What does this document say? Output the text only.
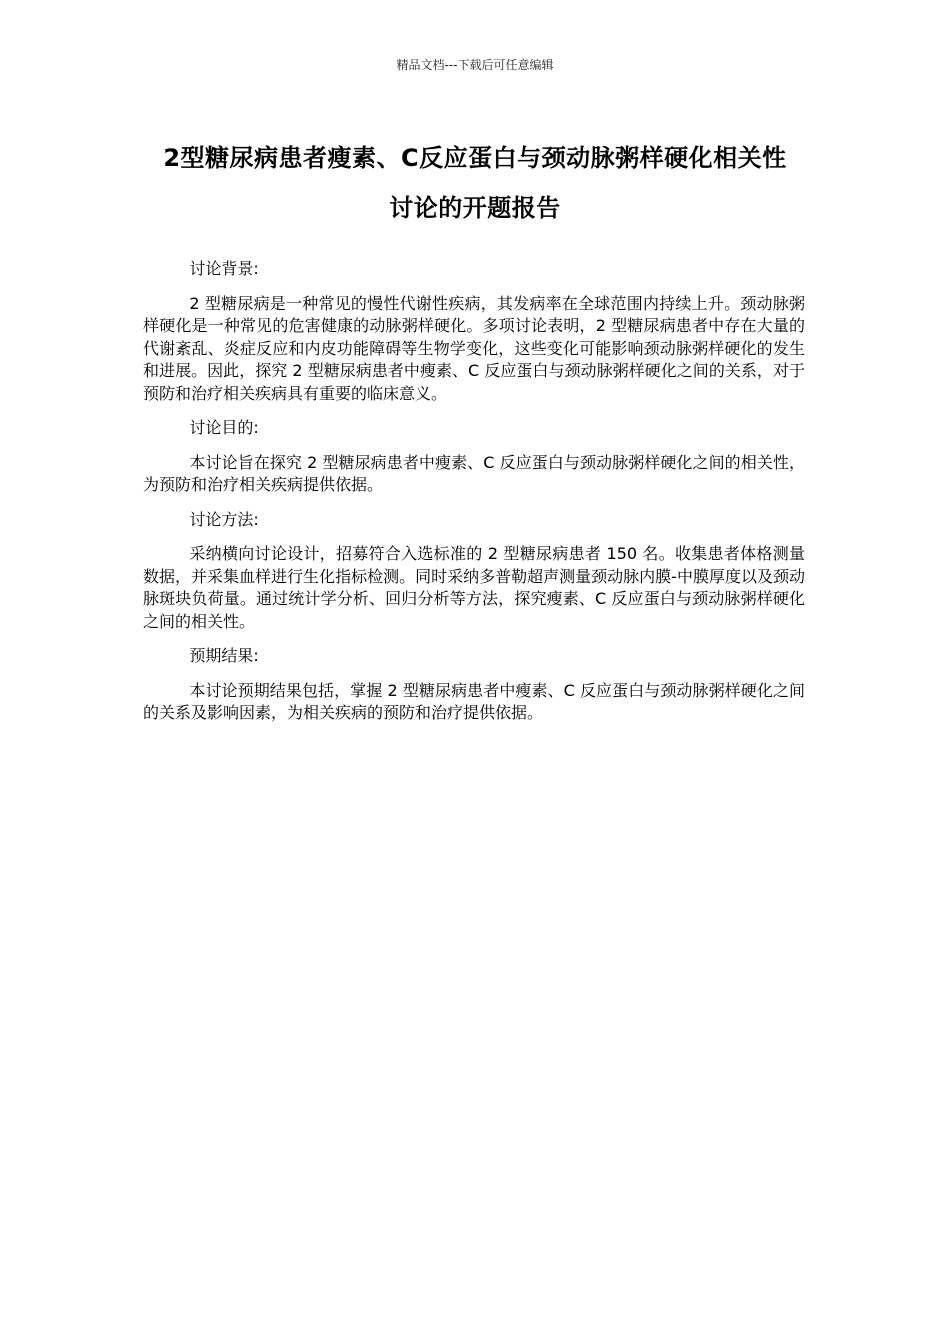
精品文档---下载后可任意编辑
2型糖尿病患者瘦素、C反应蛋白与颈动脉粥样硬化相关性
讨论的开题报告

讨论背景:

2 型糖尿病是一种常见的慢性代谢性疾病，其发病率在全球范围内持续上升。颈动脉粥样硬化是一种常见的危害健康的动脉粥样硬化。多项讨论表明，2 型糖尿病患者中存在大量的代谢紊乱、炎症反应和内皮功能障碍等生物学变化，这些变化可能影响颈动脉粥样硬化的发生和进展。因此，探究 2 型糖尿病患者中瘦素、C 反应蛋白与颈动脉粥样硬化之间的关系，对于预防和治疗相关疾病具有重要的临床意义。

讨论目的:

本讨论旨在探究 2 型糖尿病患者中瘦素、C 反应蛋白与颈动脉粥样硬化之间的相关性，为预防和治疗相关疾病提供依据。

讨论方法:

采纳横向讨论设计，招募符合入选标准的 2 型糖尿病患者 150 名。收集患者体格测量数据，并采集血样进行生化指标检测。同时采纳多普勒超声测量颈动脉内膜-中膜厚度以及颈动脉斑块负荷量。通过统计学分析、回归分析等方法，探究瘦素、C 反应蛋白与颈动脉粥样硬化之间的相关性。

预期结果:

本讨论预期结果包括，掌握 2 型糖尿病患者中瘦素、C 反应蛋白与颈动脉粥样硬化之间的关系及影响因素，为相关疾病的预防和治疗提供依据。
